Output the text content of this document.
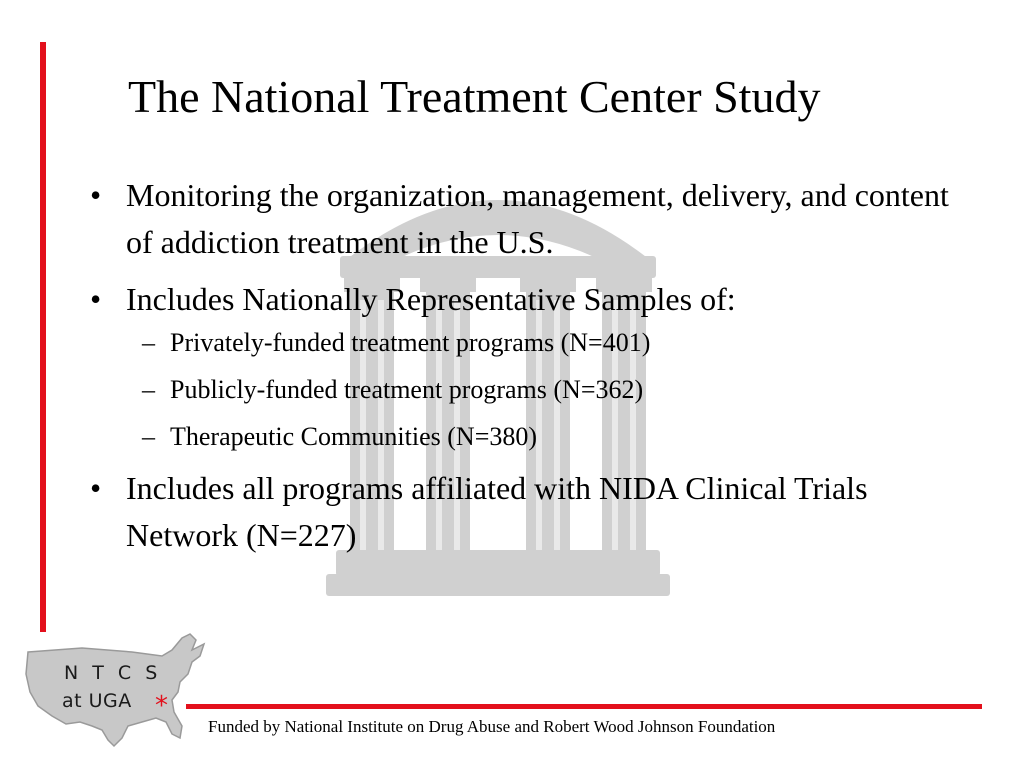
The National Treatment Center Study
• Monitoring the organization, management, delivery, and content of addiction treatment in the U.S.
• Includes Nationally Representative Samples of:
– Privately-funded treatment programs (N=401)
– Publicly-funded treatment programs (N=362)
– Therapeutic Communities (N=380)
• Includes all programs affiliated with NIDA Clinical Trials Network (N=227)
N T C S
at UGA *
Funded by National Institute on Drug Abuse and Robert Wood Johnson Foundation
